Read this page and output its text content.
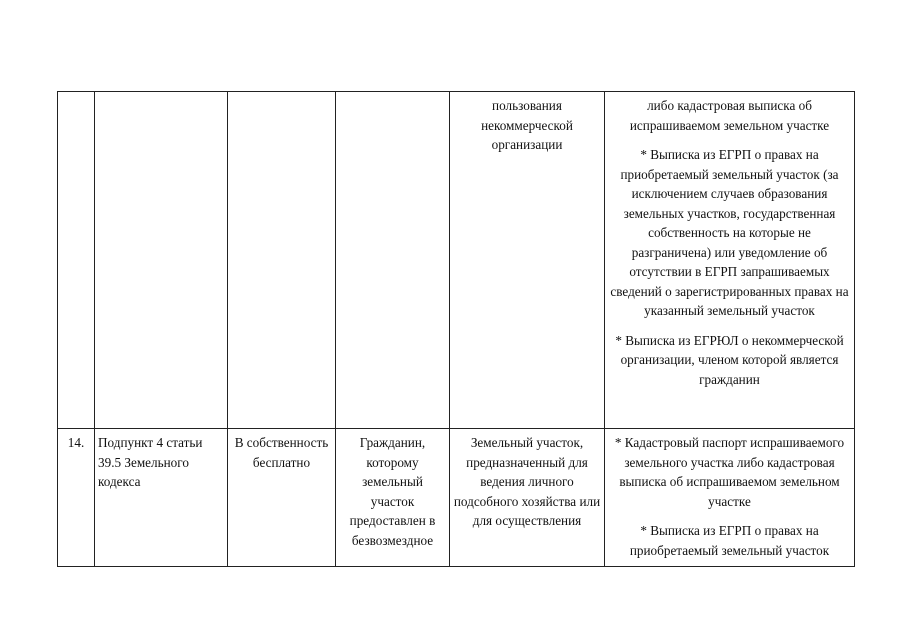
				пользования некоммерческой организации	либо кадастровая выписка об испрашиваемом земельном участке

* Выписка из ЕГРП о правах на приобретаемый земельный участок (за исключением случаев образования земельных участков, государственная собственность на которые не разграничена) или уведомление об отсутствии в ЕГРП запрашиваемых сведений о зарегистрированных правах на указанный земельный участок

* Выписка из ЕГРЮЛ о некоммерческой организации, членом которой является гражданин

14.	Подпункт 4 статьи 39.5 Земельного кодекса	В собственность бесплатно	Гражданин, которому земельный участок предоставлен в безвозмездное	Земельный участок, предназначенный для ведения личного подсобного хозяйства или для осуществления	* Кадастровый паспорт испрашиваемого земельного участка либо кадастровая выписка об испрашиваемом земельном участке

* Выписка из ЕГРП о правах на приобретаемый земельный участок
